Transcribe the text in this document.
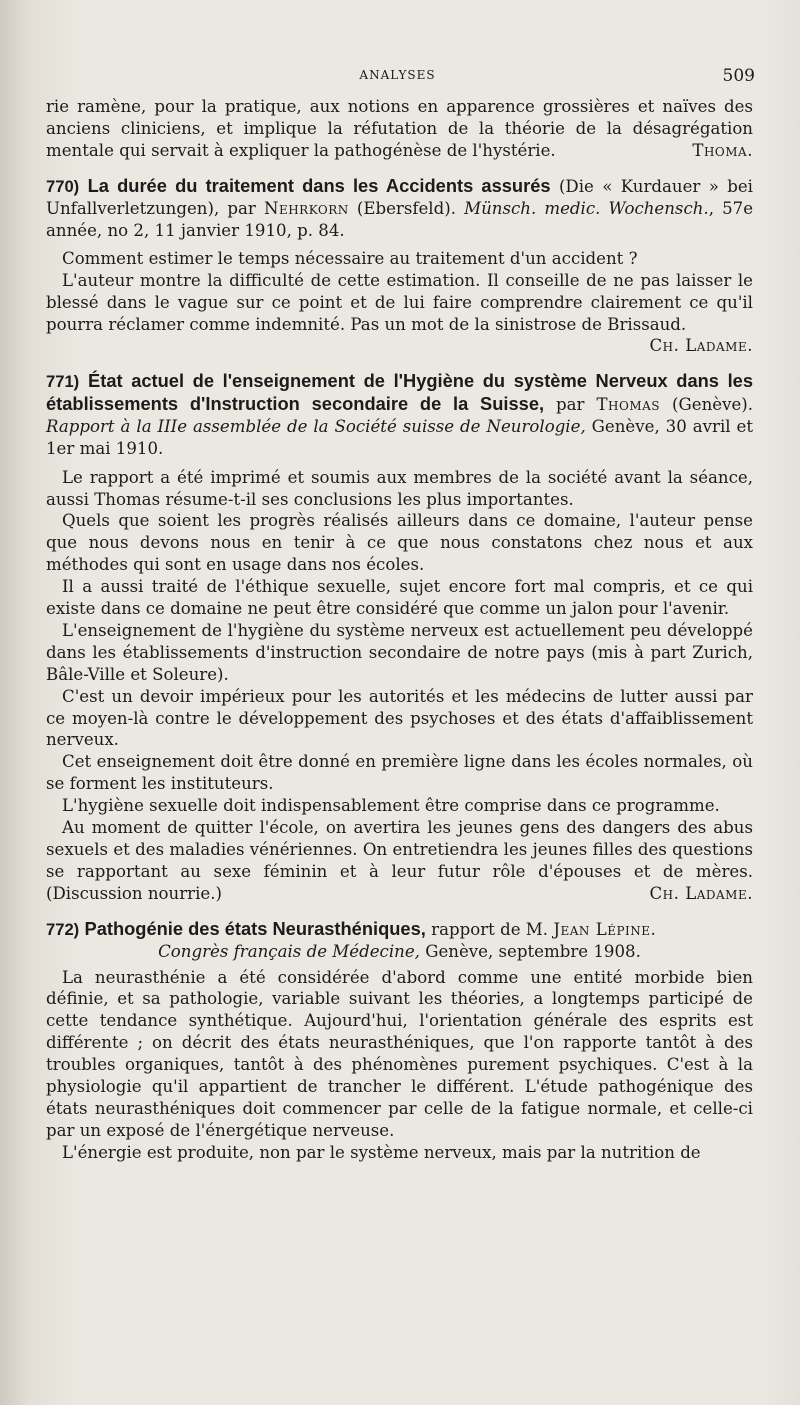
ANALYSES	509

rie ramène, pour la pratique, aux notions en apparence grossières et naïves des anciens cliniciens, et implique la réfutation de la théorie de la désagrégation mentale qui servait à expliquer la pathogénèse de l'hystérie.	Thoma.

770) La durée du traitement dans les Accidents assurés (Die « Kurdauer » bei Unfallverletzungen), par Nehrkorn (Ebersfeld). Münsch. medic. Wochensch., 57e année, no 2, 11 janvier 1910, p. 84.

Comment estimer le temps nécessaire au traitement d'un accident ?

L'auteur montre la difficulté de cette estimation. Il conseille de ne pas laisser le blessé dans le vague sur ce point et de lui faire comprendre clairement ce qu'il pourra réclamer comme indemnité. Pas un mot de la sinistrose de Brissaud.

Ch. Ladame.

771) État actuel de l'enseignement de l'Hygiène du système Nerveux dans les établissements d'Instruction secondaire de la Suisse, par Thomas (Genève). Rapport à la IIIe assemblée de la Société suisse de Neurologie, Genève, 30 avril et 1er mai 1910.

Le rapport a été imprimé et soumis aux membres de la société avant la séance, aussi Thomas résume-t-il ses conclusions les plus importantes.

Quels que soient les progrès réalisés ailleurs dans ce domaine, l'auteur pense que nous devons nous en tenir à ce que nous constatons chez nous et aux méthodes qui sont en usage dans nos écoles.

Il a aussi traité de l'éthique sexuelle, sujet encore fort mal compris, et ce qui existe dans ce domaine ne peut être considéré que comme un jalon pour l'avenir.

L'enseignement de l'hygiène du système nerveux est actuellement peu développé dans les établissements d'instruction secondaire de notre pays (mis à part Zurich, Bâle-Ville et Soleure).

C'est un devoir impérieux pour les autorités et les médecins de lutter aussi par ce moyen-là contre le développement des psychoses et des états d'affaiblissement nerveux.

Cet enseignement doit être donné en première ligne dans les écoles normales, où se forment les instituteurs.

L'hygiène sexuelle doit indispensablement être comprise dans ce programme.

Au moment de quitter l'école, on avertira les jeunes gens des dangers des abus sexuels et des maladies vénériennes. On entretiendra les jeunes filles des questions se rapportant au sexe féminin et à leur futur rôle d'épouses et de mères. (Discussion nourrie.)	Ch. Ladame.

772) Pathogénie des états Neurasthéniques, rapport de M. Jean Lépine.

Congrès français de Médecine, Genève, septembre 1908.

La neurasthénie a été considérée d'abord comme une entité morbide bien définie, et sa pathologie, variable suivant les théories, a longtemps participé de cette tendance synthétique. Aujourd'hui, l'orientation générale des esprits est différente ; on décrit des états neurasthéniques, que l'on rapporte tantôt à des troubles organiques, tantôt à des phénomènes purement psychiques. C'est à la physiologie qu'il appartient de trancher le différent. L'étude pathogénique des états neurasthéniques doit commencer par celle de la fatigue normale, et celle-ci par un exposé de l'énergétique nerveuse.

L'énergie est produite, non par le système nerveux, mais par la nutrition de
